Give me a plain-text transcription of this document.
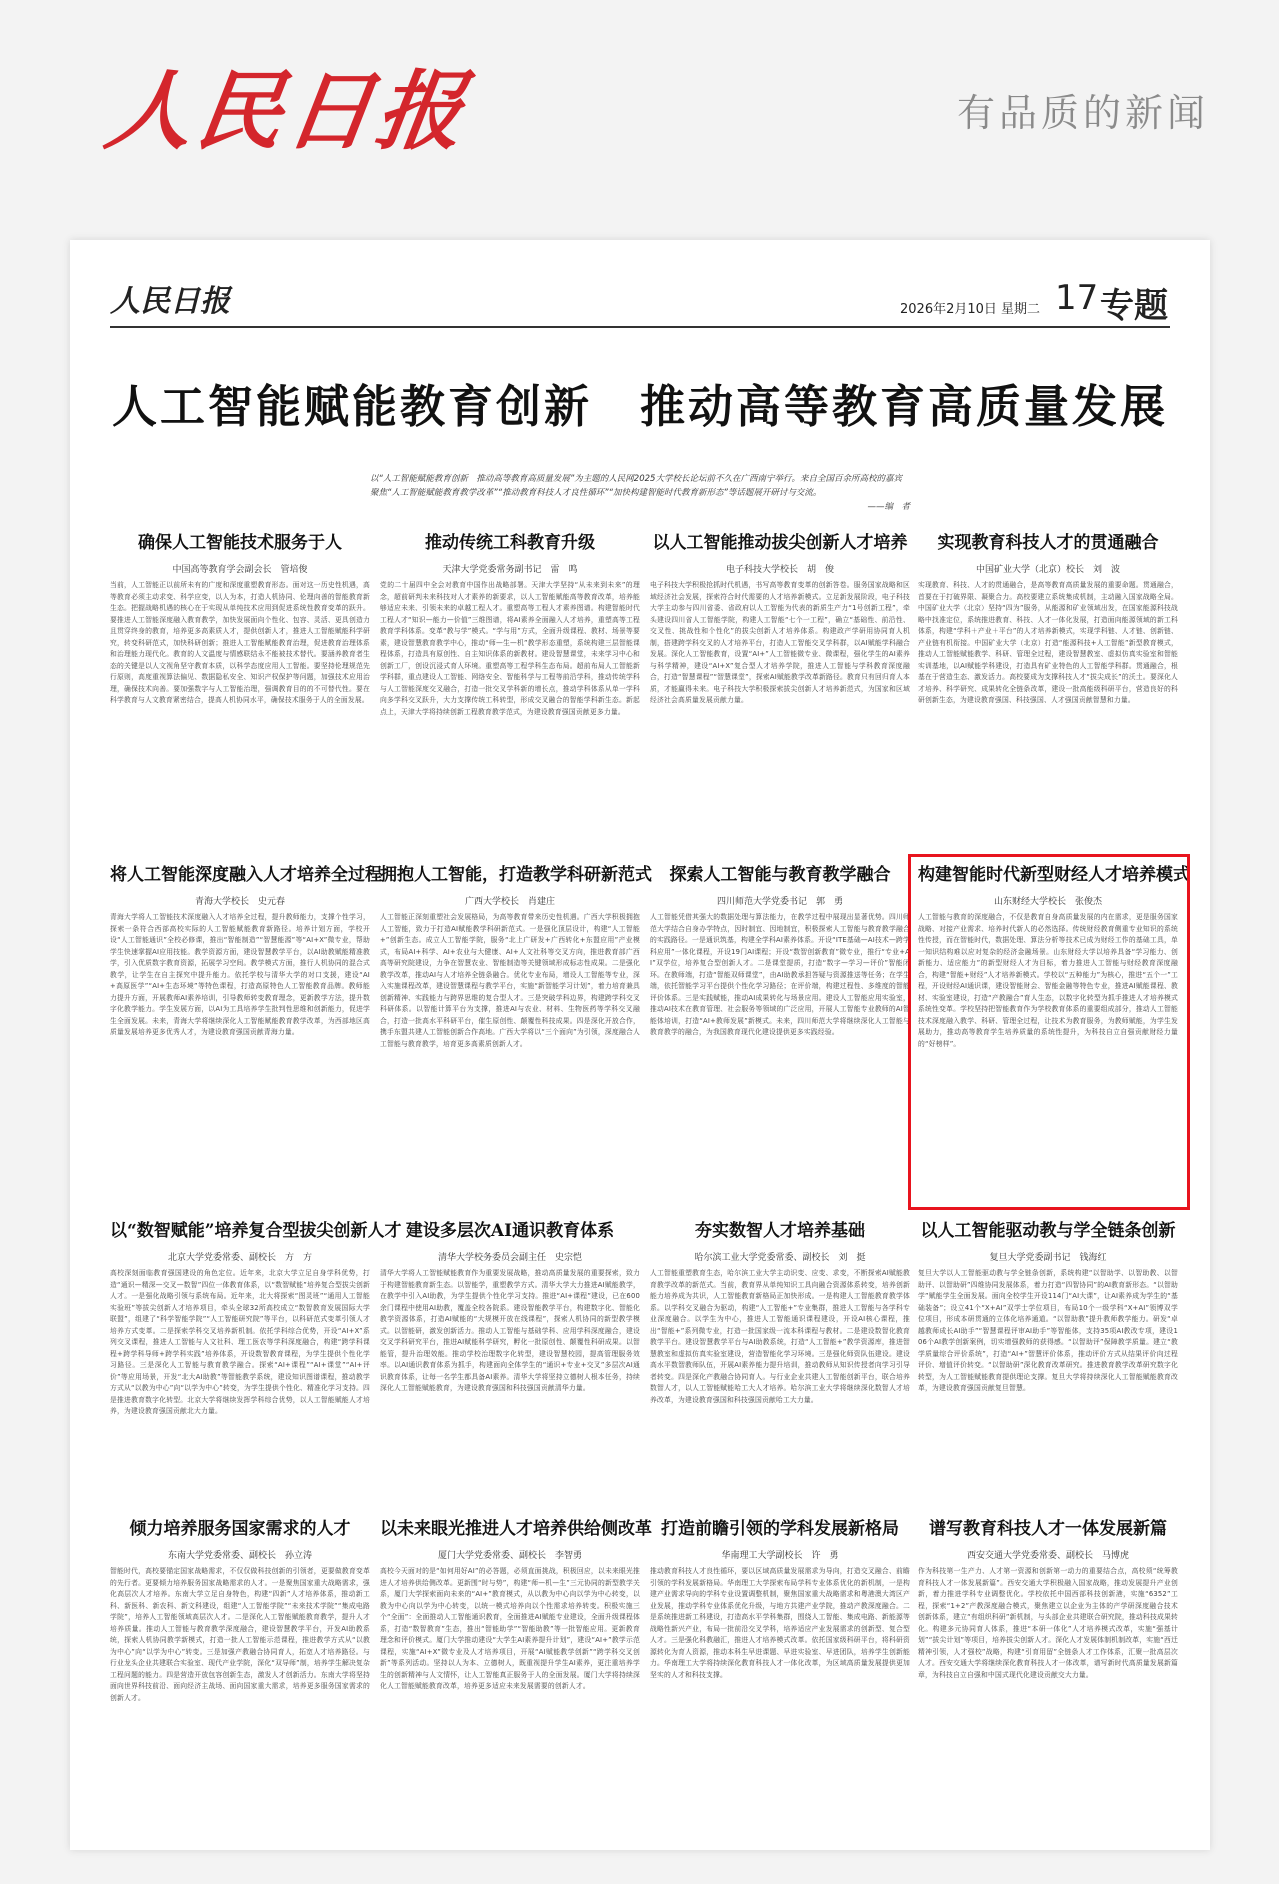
人民日报	有品质的新闻
人民日报	2026年2月10日 星期二 17 专题
人工智能赋能教育创新　推动高等教育高质量发展
以“人工智能赋能教育创新　推动高等教育高质量发展”为主题的人民网2025大学校长论坛前不久在广西南宁举行。来自全国百余所高校的嘉宾聚焦“人工智能赋能教育教学改革”“推动教育科技人才良性循环”“加快构建智能时代教育新形态”等话题展开研讨与交流。
——编　者
确保人工智能技术服务于人
中国高等教育学会副会长　管培俊
当前，人工智能正以前所未有的广度和深度重塑教育形态。面对这一历史性机遇，高等教育必须主动求变、科学应变，以人为本，打造人机协同、伦理向善的智能教育新生态。把握战略机遇的核心在于实现从单纯技术应用到促进系统性教育变革的跃升。要推进人工智能深度融入教育教学，加快发展面向个性化、包容、灵活、更具创造力且贯穿终身的教育，培养更多高素质人才，提供创新人才，推进人工智能赋能科学研究，转变科研范式，加快科研创新；推进人工智能赋能教育治理，促进教育治理体系和治理能力现代化。教育的人文温度与情感联结永不能被技术替代。要涵养教育者生态的关键是以人文视角坚守教育本质，以科学态度应用人工智能。要坚持伦理规范先行原则，高度重视算法偏见、数据隐私安全、知识产权保护等问题，加强技术应用治理，确保技术向善。要加强数字与人工智能治理，强调教育目的的不可替代性。要在科学教育与人文教育紧密结合，提高人机协同水平，确保技术服务于人的全面发展。
推动传统工科教育升级
天津大学党委常务副书记　雷　鸣
党的二十届四中全会对教育中国作出战略部署。天津大学坚持“从未来到未来”的理念，超前研判未来科技对人才素养的新要求，以人工智能赋能高等教育改革，培养能够适应未来、引领未来的卓越工程人才。重塑高等工程人才素养图谱。构建智能时代工程人才“知识—能力—价值”三维图谱，将AI素养全面融入人才培养，重塑高等工程教育学科体系。变革“教与学”模式。“学与用”方式，全面升级课程、教材、场景等要素，建设智慧教育教学中心，推动“师—生—机”教学形态重塑，系统构建三层智能课程体系，打造具有原创性、自主知识体系的新教材。建设智慧课堂，未来学习中心和创新工厂，创设沉浸式育人环境。重塑高等工程学科生态布局。超前布局人工智能新学科群，重点建设人工智能、网络安全、智能科学与工程等前沿学科，推动传统学科与人工智能深度交叉融合，打造一批交叉学科新的增长点，推动学科体系从单一学科向多学科交叉跃升，大力支撑传统工科转型，形成交叉融合的智能学科新生态。新起点上，天津大学将持续创新工程教育教学范式，为建设教育强国贡献更多力量。
以人工智能推动拔尖创新人才培养
电子科技大学校长　胡　俊
电子科技大学积极抢抓时代机遇，书写高等教育变革的创新答卷。服务国家战略和区域经济社会发展，探索符合时代需要的人才培养新模式。立足新发展阶段，电子科技大学主动参与四川省委、省政府以人工智能为代表的新质生产力“1号创新工程”，牵头建设四川省人工智能学院，构建人工智能“七个一工程”，确立“基础性、前沿性、交叉性、挑战性和个性化”的拔尖创新人才培养体系。构建政产学研用协同育人机制，搭建跨学科交叉的人才培养平台，打造人工智能交叉学科群，以AI赋能学科融合发展。深化人工智能教育，设置“AI+”人工智能微专业、微课程，强化学生的AI素养与科学精神，建设“AI+X”复合型人才培养学院，推进人工智能与学科教育深度融合，打造“智慧课程”“智慧课堂”，探索AI赋能教学改革新路径。教育只有回归育人本质，才能赢得未来。电子科技大学积极探索拔尖创新人才培养新范式，为国家和区域经济社会高质量发展贡献力量。
实现教育科技人才的贯通融合
中国矿业大学（北京）校长　刘　波
实现教育、科技、人才的贯通融合，是高等教育高质量发展的重要命题。贯通融合，首要在于打破界限、凝聚合力。高校要建立系统集成机制，主动融入国家战略全局。中国矿业大学（北京）坚持“四为”服务，从能源和矿业领域出发，在国家能源科技战略中找准定位，系统推进教育、科技、人才一体化发展，打造面向能源领域的新工科体系，构建“学科＋产业＋平台”的人才培养新模式，实现学科链、人才链、创新链、产业链有机衔接。中国矿业大学（北京）打造“能源科技+人工智能”新型教育模式，推动人工智能赋能教学、科研、管理全过程，建设智慧教室、虚拟仿真实验室和智能实训基地，以AI赋能学科建设，打造具有矿业特色的人工智能学科群。贯通融合，根基在于营造生态、激发活力。高校要成为支撑科技人才“拔尖成长”的沃土。要深化人才培养、科学研究、成果转化全链条改革，建设一批高能级科研平台，营造良好的科研创新生态，为建设教育强国、科技强国、人才强国贡献智慧和力量。
将人工智能深度融入人才培养全过程
青海大学校长　史元春
青海大学将人工智能技术深度融入人才培养全过程，提升教师能力，支撑个性学习，探索一条符合西部高校实际的人工智能赋能教育新路径。培养计划方面，学校开设“人工智能通识”全校必修课，推出“智能制造”“智慧能源”等“AI+X”微专业，帮助学生快速掌握AI应用技能。教学资源方面，建设智慧教学平台，以AI助教赋能精准教学，引入优质数字教育资源，拓展学习空间。教学模式方面，推行人机协同的混合式教学，让学生在自主探究中提升能力。依托学校与清华大学的对口支援，建设“AI+高原医学”“AI+生态环境”等特色课程，打造高原特色人工智能教育品牌。教师能力提升方面，开展教师AI素养培训，引导教师转变教育理念，更新教学方法，提升数字化教学能力。学生发展方面，以AI为工具培养学生批判性思维和创新能力，促进学生全面发展。未来，青海大学将继续深化人工智能赋能教育教学改革，为西部地区高质量发展培养更多优秀人才，为建设教育强国贡献青海力量。
拥抱人工智能，打造教学科研新范式
广西大学校长　肖建庄
人工智能正深刻重塑社会发展格局，为高等教育带来历史性机遇。广西大学积极拥抱人工智能，致力于打造AI赋能教学科研新范式。一是强化顶层设计，构建“人工智能+”创新生态。成立人工智能学院，服务“北上广研发+广西转化+东盟应用”产业模式，布局AI+科学、AI+农业与大健康、AI+人文社科等交叉方向，推进教育部广西高等研究院建设，力争在智慧农业、智能制造等关键领域形成标志性成果。二是强化教学改革，推动AI与人才培养全链条融合。优化专业布局，增设人工智能等专业，深入实施课程改革，建设智慧课程与教学平台，实施“新智能学习计划”，着力培育兼具创新精神、实践能力与跨界思维的复合型人才。三是突破学科边界，构建跨学科交叉科研体系。以智能计算平台为支撑，推进AI与农业、材料、生物医药等学科交叉融合，打造一批高水平科研平台，催生原创性、颠覆性科技成果。四是深化开放合作，携手东盟共建人工智能创新合作高地。广西大学将以“三个面向”为引领，深度融合人工智能与教育教学，培育更多高素质创新人才。
探索人工智能与教育教学融合
四川师范大学党委书记　郭　勇
人工智能凭借其强大的数据处理与算法能力，在教学过程中展现出显著优势。四川师范大学结合自身办学特点，因时制宜、因地制宜，积极探索人工智能与教育教学融合的实践路径。一是通识筑基，构建全学科AI素养体系。开设“ITE基础—AI技术—跨学科应用”一体化课程，开设19门AI课程；开设“数智创新教育”微专业，推行“专业+AI”双学位，培养复合型创新人才。二是课堂提质，打造“数字—学习—评价”智能闭环。在教师端，打造“智能双师课堂”，由AI助教承担答疑与资源推送等任务；在学生端，依托智能学习平台提供个性化学习路径；在评价端，构建过程性、多维度的智能评价体系。三是实践赋能，推动AI成果转化与场景应用。建设人工智能应用实验室，推动AI技术在教育管理、社会服务等领域的广泛应用，开展人工智能专业教师的AI智能体培训，打造“AI+教师发展”新模式。未来，四川师范大学将继续深化人工智能与教育教学的融合，为我国教育现代化建设提供更多实践经验。
构建智能时代新型财经人才培养模式
山东财经大学校长　张俊杰
人工智能与教育的深度融合，不仅是教育自身高质量发展的内在需求，更是服务国家战略、对接产业需求、培养时代新人的必然选择。传统财经教育侧重专业知识的系统性传授，而在智能时代，数据处理、算法分析等技术已成为财经工作的基础工具，单一知识结构难以应对复杂的经济金融场景。山东财经大学以培养具备“学习能力、创新能力、适应能力”的新型财经人才为目标，着力推进人工智能与财经教育深度融合，构建“智能+财经”人才培养新模式。学校以“五种能力”为核心，推进“五个一”工程，开设财经AI通识课，建设智能财会、智能金融等特色专业，推进AI赋能课程、教材、实验室建设，打造“产教融合”育人生态，以数字化转型为抓手推进人才培养模式系统性变革。学校坚持把智能教育作为学校教育体系的重要组成部分，推动人工智能技术深度融入教学、科研、管理全过程，让技术为教育服务，为教师赋能，为学生发展助力，推动高等教育学生培养质量的系统性提升，为科技自立自强贡献财经力量的“好榜样”。
以“数智赋能”培养复合型拔尖创新人才
北京大学党委常委、副校长　方　方
高校深刻面临教育强国建设的角色定位。近年来，北京大学立足自身学科优势，打造“通识—精深—交叉—数智”四位一体教育体系，以“数智赋能”培养复合型拔尖创新人才。一是强化战略引领与系统布局。近年来，北大将探索“图灵班”“通用人工智能实验班”等拔尖创新人才培养项目，牵头全球32所高校成立“数智教育发展国际大学联盟”，组建了“科学智能学院”“人工智能研究院”等平台，以科研范式变革引领人才培养方式变革。二是探索学科交叉培养新机制。依托学科综合优势，开设“AI+X”系列交叉课程，推进人工智能与人文社科、理工医农等学科深度融合，构建“跨学科课程+跨学科导师+跨学科实践”培养体系，开设数智教育课程，为学生提供个性化学习路径。三是深化人工智能与教育教学融合。探索“AI+课程”“AI+课堂”“AI+评价”等应用场景，开发“北大AI助教”等智能教学系统，建设知识图谱课程，推动教学方式从“以教为中心”向“以学为中心”转变，为学生提供个性化、精准化学习支持。四是推进教育数字化转型。北京大学将继续发挥学科综合优势，以人工智能赋能人才培养，为建设教育强国贡献北大力量。
建设多层次AI通识教育体系
清华大学校务委员会副主任　史宗恺
清华大学将人工智能赋能教育作为重要发展战略，推动高质量发展的重要探索，致力于构建智能教育新生态。以智能学，重塑教学方式。清华大学大力推进AI赋能教学，在教学中引入AI助教，为学生提供个性化学习支持。推进“AI+课程”建设，已在600余门课程中使用AI助教，覆盖全校各院系。建设智能教学平台，构建数字化、智能化教学资源体系，打造AI赋能的“大规模开放在线课程”，探索人机协同的新型教学模式。以智能研，激发创新活力。推动人工智能与基础学科、应用学科深度融合，建设交叉学科研究平台，推进AI赋能科学研究，孵化一批原创性、颠覆性科研成果。以智能管，提升治理效能。推动学校治理数字化转型，建设智慧校园，提高管理服务效率。以AI通识教育体系为抓手，构建面向全体学生的“通识+专业+交叉”多层次AI通识教育体系，让每一名学生都具备AI素养。清华大学将坚持立德树人根本任务，持续深化人工智能赋能教育，为建设教育强国和科技强国贡献清华力量。
夯实数智人才培养基础
哈尔滨工业大学党委常委、副校长　刘　挺
人工智能重塑教育生态，哈尔滨工业大学主动识变、应变、求变，不断探索AI赋能教育教学改革的新范式。当前，教育界从单纯知识工具向融合资源体系转变，培养创新能力培养成为共识，人工智能教育新格局正加快形成。一是构建人工智能教育教学体系。以学科交叉融合为驱动，构建“人工智能+”专业集群，推进人工智能与各学科专业深度融合。以学生为中心，推进人工智能通识课程建设，开设AI核心课程，推出“智能+”系列微专业，打造一批国家级一流本科课程与教材。二是建设数智化教育教学平台。建设智慧教学平台与AI助教系统，打造“人工智能+”教学资源库，推进智慧教室和虚拟仿真实验室建设，营造智能化学习环境。三是强化师资队伍建设。建设高水平数智教师队伍，开展AI素养能力提升培训，推动教师从知识传授者向学习引导者转变。四是深化产教融合协同育人。与行业企业共建人工智能创新平台，联合培养数智人才，以人工智能赋能哈工大人才培养。哈尔滨工业大学将继续深化数智人才培养改革，为建设教育强国和科技强国贡献哈工大力量。
以人工智能驱动教与学全链条创新
复旦大学党委副书记　钱海红
复旦大学以人工智能驱动教与学全链条创新，系统构建“以智助学、以智助教、以智助评、以智助研”四维协同发展体系，着力打造“四智协同”的AI教育新形态。“以智助学”赋能学生全面发展。面向全校学生开设114门“AI大课”，让AI素养成为学生的“基础装备”；设立41个“X+AI”双学士学位项目，布局10个一级学科“X+AI”领博双学位项目，形成本研贯通的立体化培养通道。“以智助教”提升教师教学能力。研发“卓越教师成长AI助手”“智慧课程评审AI助手”等智能体，支持35项AI教改专项，建设106个AI教学创新案例，切实增强教师的获得感。“以智助评”保障教学质量。建立“教学质量综合评价系统”，打造“AI+”智慧评价体系，推动评价方式从结果评价向过程评价、增值评价转变。“以智助研”深化教育改革研究。推进教育教学改革研究数字化转型，为人工智能赋能教育提供理论支撑。复旦大学将持续深化人工智能赋能教育改革，为建设教育强国贡献复旦智慧。
倾力培养服务国家需求的人才
东南大学党委常委、副校长　孙立涛
智能时代，高校要锚定国家战略需求，不仅仅做科技创新的引领者，更要做教育变革的先行者。更要倾力培养服务国家战略需求的人才。一是聚焦国家重大战略需求，强化高层次人才培养。东南大学立足自身特色，构建“四新”人才培养体系，推动新工科、新医科、新农科、新文科建设，组建“人工智能学院”“未来技术学院”“集成电路学院”，培养人工智能领域高层次人才。二是深化人工智能赋能教育教学，提升人才培养质量。推动人工智能与教育教学深度融合，建设智慧教学平台，开发AI助教系统，探索人机协同教学新模式，打造一批人工智能示范课程，推进教学方式从“以教为中心”向“以学为中心”转变。三是加强产教融合协同育人，拓宽人才培养路径。与行业龙头企业共建联合实验室、现代产业学院，深化“双导师”制，培养学生解决复杂工程问题的能力。四是营造开放包容创新生态，激发人才创新活力。东南大学将坚持面向世界科技前沿、面向经济主战场、面向国家重大需求，培养更多服务国家需求的创新人才。
以未来眼光推进人才培养供给侧改革
厦门大学党委常委、副校长　李智勇
高校今天面对的是“如何用好AI”的必答题，必须直面挑战，积极回应，以未来眼光推进人才培养供给侧改革。更新围“时与势”，构建“师—机—生”三元协同的新型教学关系，厦门大学探索面向未来的“AI+”教育模式，从以教为中心向以学为中心转变，以教为中心向以学为中心转变，以统一模式培养向以个性需求培养转变。积极实施三个“全面”：全面推动人工智能通识教育，全面推进AI赋能专业建设，全面升级课程体系，打造“数智教育”生态，推出“智能助学”“智能助教”等一批智能应用。更新教育理念和评价模式。厦门大学推动建设“大学生AI素养提升计划”，建设“AI+”教学示范课程，实施“AI+X”微专业及人才培养项目，开展“AI赋能教学创新”“跨学科交叉创新”等系列活动。坚持以人为本、立德树人，既重视提升学生AI素养，更注重培养学生的创新精神与人文情怀，让人工智能真正服务于人的全面发展。厦门大学将持续深化人工智能赋能教育改革，培养更多适应未来发展需要的创新人才。
打造前瞻引领的学科发展新格局
华南理工大学副校长　许　勇
推动教育科技人才良性循环，要以区域高质量发展需求为导向，打造交叉融合、前瞻引领的学科发展新格局。华南理工大学探索布局学科专业体系优化的新机制，一是构建产业需求导向的学科专业设置调整机制，聚焦国家重大战略需求和粤港澳大湾区产业发展，推动学科专业体系优化升级，与地方共建产业学院，推动产教深度融合。二是系统推进新工科建设，打造高水平学科集群，围绕人工智能、集成电路、新能源等战略性新兴产业，布局一批前沿交叉学科，培养适应产业发展需求的创新型、复合型人才。三是强化科教融汇，推进人才培养模式改革。依托国家级科研平台，将科研资源转化为育人资源，推动本科生早进课题、早进实验室、早进团队，培养学生创新能力。华南理工大学将持续深化教育科技人才一体化改革，为区域高质量发展提供更加坚实的人才和科技支撑。
谱写教育科技人才一体发展新篇
西安交通大学党委常委、副校长　马博虎
作为科技第一生产力、人才第一资源和创新第一动力的重要结合点，高校须“统筹教育科技人才一体发展新篇”。西安交通大学积极融入国家战略，推动发展提升产业创新，着力推进学科专业调整优化。学校依托中国西部科技创新港，实施“6352”工程，探索“1+2”产教深度融合模式，聚焦建立以企业为主体的产学研深度融合技术创新体系，建立“有组织科研”新机制，与头部企业共建联合研究院，推动科技成果转化。构建多元协同育人体系，推进“本研一体化”人才培养模式改革，实施“强基计划”“拔尖计划”等项目，培养拔尖创新人才。深化人才发展体制机制改革，实施“西迁精神引领，人才强校”战略，构建“引育用留”全链条人才工作体系，汇聚一批高层次人才。西安交通大学将继续深化教育科技人才一体改革，谱写新时代高质量发展新篇章，为科技自立自强和中国式现代化建设贡献交大力量。
